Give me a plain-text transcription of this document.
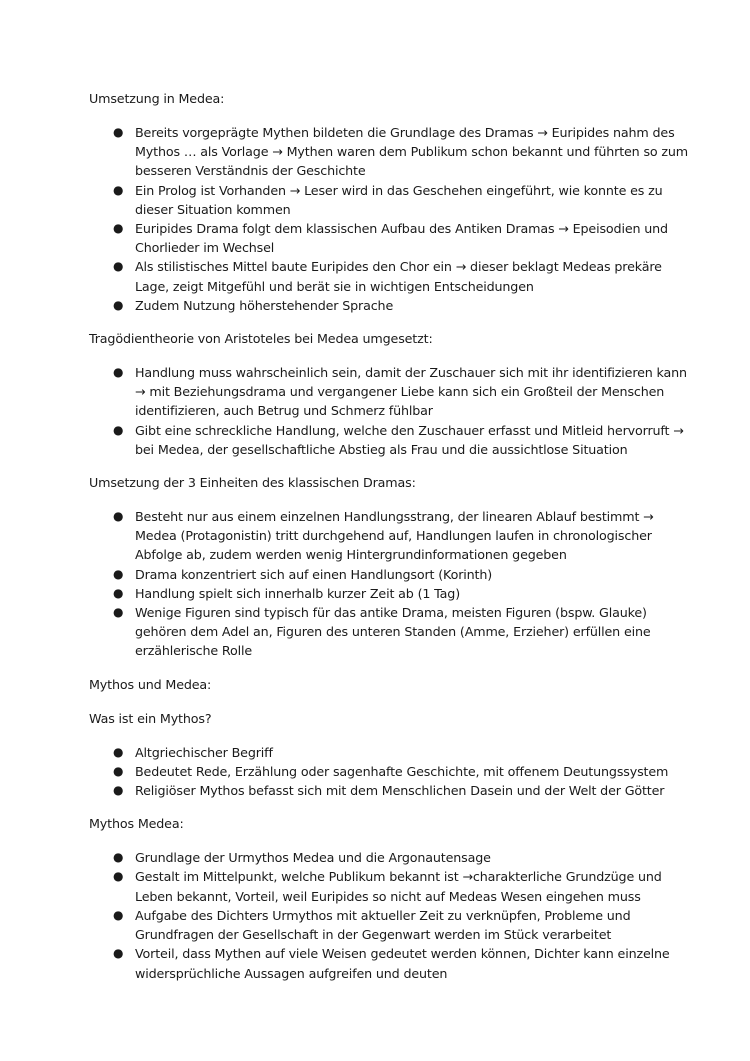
Umsetzung in Medea:

● Bereits vorgeprägte Mythen bildeten die Grundlage des Dramas → Euripides nahm des Mythos … als Vorlage → Mythen waren dem Publikum schon bekannt und führten so zum besseren Verständnis der Geschichte
● Ein Prolog ist Vorhanden → Leser wird in das Geschehen eingeführt, wie konnte es zu dieser Situation kommen
● Euripides Drama folgt dem klassischen Aufbau des Antiken Dramas → Epeisodien und Chorlieder im Wechsel
● Als stilistisches Mittel baute Euripides den Chor ein → dieser beklagt Medeas prekäre Lage, zeigt Mitgefühl und berät sie in wichtigen Entscheidungen
● Zudem Nutzung höherstehender Sprache

Tragödientheorie von Aristoteles bei Medea umgesetzt:

● Handlung muss wahrscheinlich sein, damit der Zuschauer sich mit ihr identifizieren kann → mit Beziehungsdrama und vergangener Liebe kann sich ein Großteil der Menschen identifizieren, auch Betrug und Schmerz fühlbar
● Gibt eine schreckliche Handlung, welche den Zuschauer erfasst und Mitleid hervorruft → bei Medea, der gesellschaftliche Abstieg als Frau und die aussichtlose Situation

Umsetzung der 3 Einheiten des klassischen Dramas:

● Besteht nur aus einem einzelnen Handlungsstrang, der linearen Ablauf bestimmt → Medea (Protagonistin) tritt durchgehend auf, Handlungen laufen in chronologischer Abfolge ab, zudem werden wenig Hintergrundinformationen gegeben
● Drama konzentriert sich auf einen Handlungsort (Korinth)
● Handlung spielt sich innerhalb kurzer Zeit ab (1 Tag)
● Wenige Figuren sind typisch für das antike Drama, meisten Figuren (bspw. Glauke) gehören dem Adel an, Figuren des unteren Standen (Amme, Erzieher) erfüllen eine erzählerische Rolle

Mythos und Medea:

Was ist ein Mythos?

● Altgriechischer Begriff
● Bedeutet Rede, Erzählung oder sagenhafte Geschichte, mit offenem Deutungssystem
● Religiöser Mythos befasst sich mit dem Menschlichen Dasein und der Welt der Götter

Mythos Medea:

● Grundlage der Urmythos Medea und die Argonautensage
● Gestalt im Mittelpunkt, welche Publikum bekannt ist →charakterliche Grundzüge und Leben bekannt, Vorteil, weil Euripides so nicht auf Medeas Wesen eingehen muss
● Aufgabe des Dichters Urmythos mit aktueller Zeit zu verknüpfen, Probleme und Grundfragen der Gesellschaft in der Gegenwart werden im Stück verarbeitet
● Vorteil, dass Mythen auf viele Weisen gedeutet werden können, Dichter kann einzelne widersprüchliche Aussagen aufgreifen und deuten
